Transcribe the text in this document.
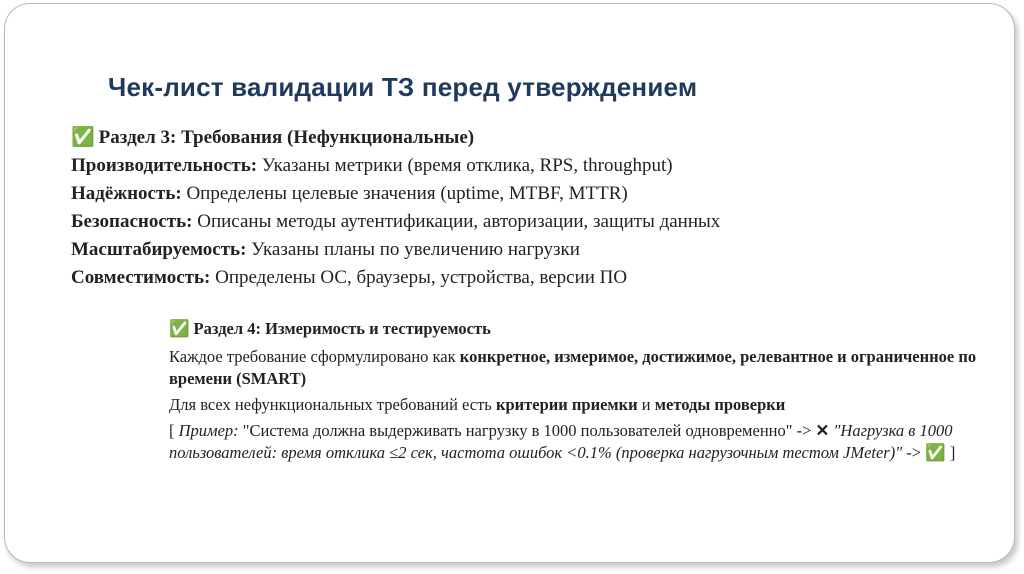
Чек-лист валидации ТЗ перед утверждением
✅ Раздел 3: Требования (Нефункциональные)
Производительность: Указаны метрики (время отклика, RPS, throughput)
Надёжность: Определены целевые значения (uptime, MTBF, MTTR)
Безопасность: Описаны методы аутентификации, авторизации, защиты данных
Масштабируемость: Указаны планы по увеличению нагрузки
Совместимость: Определены ОС, браузеры, устройства, версии ПО
✅ Раздел 4: Измеримость и тестируемость
Каждое требование сформулировано как конкретное, измеримое, достижимое, релевантное и ограниченное по времени (SMART)
Для всех нефункциональных требований есть критерии приемки и методы проверки
[ Пример: "Система должна выдерживать нагрузку в 1000 пользователей одновременно" -> ✕ "Нагрузка в 1000 пользователей: время отклика ≤2 сек, частота ошибок <0.1% (проверка нагрузочным тестом JMeter)" -> ✅ ]
